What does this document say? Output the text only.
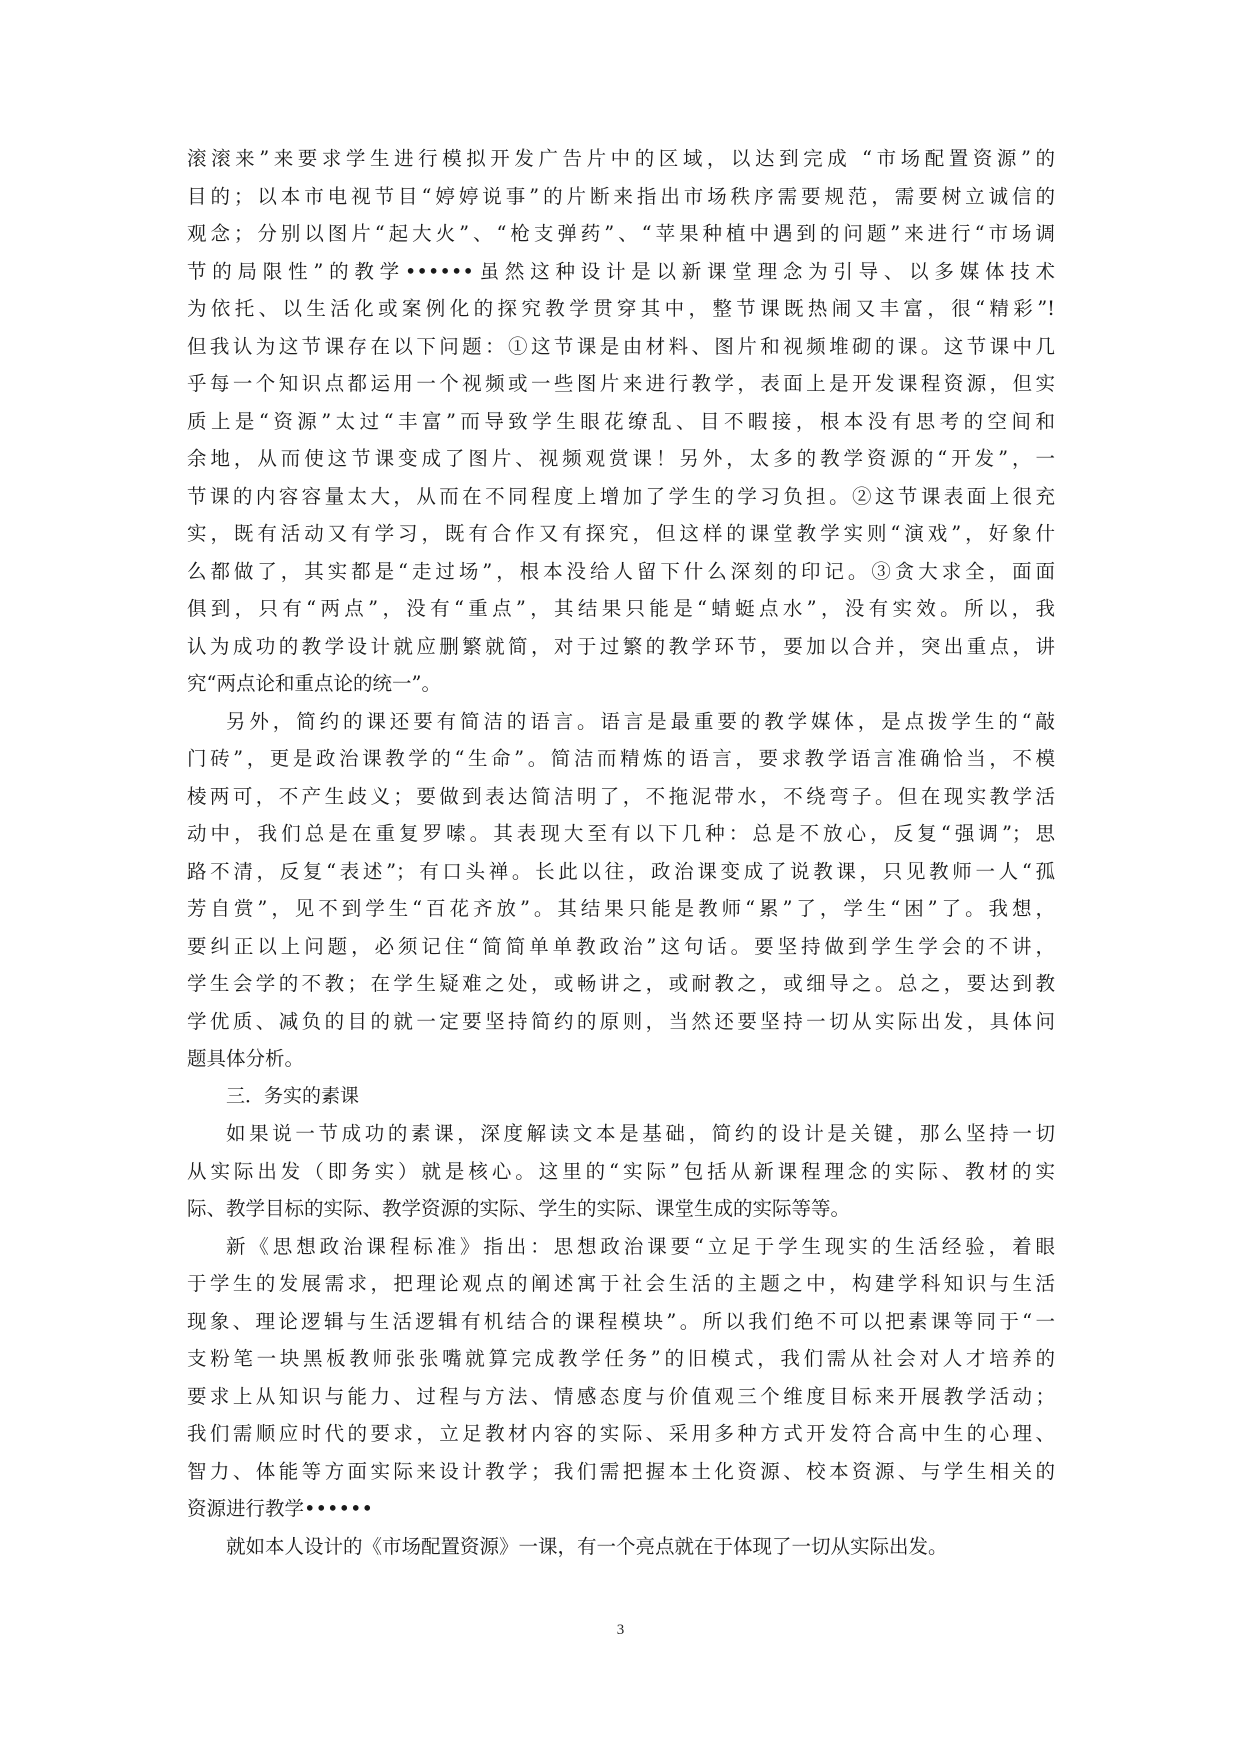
滚滚来”来要求学生进行模拟开发广告片中的区域，以达到完成 “市场配置资源”的
目的；以本市电视节目“婷婷说事”的片断来指出市场秩序需要规范，需要树立诚信的
观念；分别以图片“起大火”、“枪支弹药”、“苹果种植中遇到的问题”来进行“市场调
节的局限性”的教学••••••虽然这种设计是以新课堂理念为引导、以多媒体技术
为依托、以生活化或案例化的探究教学贯穿其中，整节课既热闹又丰富，很“精彩”!
但我认为这节课存在以下问题：①这节课是由材料、图片和视频堆砌的课。这节课中几
乎每一个知识点都运用一个视频或一些图片来进行教学，表面上是开发课程资源，但实
质上是“资源”太过“丰富”而导致学生眼花缭乱、目不暇接，根本没有思考的空间和
余地，从而使这节课变成了图片、视频观赏课！另外，太多的教学资源的“开发”，一
节课的内容容量太大，从而在不同程度上增加了学生的学习负担。②这节课表面上很充
实，既有活动又有学习，既有合作又有探究，但这样的课堂教学实则“演戏”，好象什
么都做了，其实都是“走过场”，根本没给人留下什么深刻的印记。③贪大求全，面面
俱到，只有“两点”，没有“重点”，其结果只能是“蜻蜓点水”，没有实效。所以，我
认为成功的教学设计就应删繁就简，对于过繁的教学环节，要加以合并，突出重点，讲
究“两点论和重点论的统一”。
另外，简约的课还要有简洁的语言。语言是最重要的教学媒体，是点拨学生的“敲
门砖”，更是政治课教学的“生命”。简洁而精炼的语言，要求教学语言准确恰当，不模
棱两可，不产生歧义；要做到表达简洁明了，不拖泥带水，不绕弯子。但在现实教学活
动中，我们总是在重复罗嗦。其表现大至有以下几种：总是不放心，反复“强调”；思
路不清，反复“表述”；有口头禅。长此以往，政治课变成了说教课，只见教师一人“孤
芳自赏”，见不到学生“百花齐放”。其结果只能是教师“累”了，学生“困”了。我想，
要纠正以上问题，必须记住“简简单单教政治”这句话。要坚持做到学生学会的不讲，
学生会学的不教；在学生疑难之处，或畅讲之，或耐教之，或细导之。总之，要达到教
学优质、减负的目的就一定要坚持简约的原则，当然还要坚持一切从实际出发，具体问
题具体分析。
三．务实的素课
如果说一节成功的素课，深度解读文本是基础，简约的设计是关键，那么坚持一切
从实际出发（即务实）就是核心。这里的“实际”包括从新课程理念的实际、教材的实
际、教学目标的实际、教学资源的实际、学生的实际、课堂生成的实际等等。
新《思想政治课程标准》指出：思想政治课要“立足于学生现实的生活经验，着眼
于学生的发展需求，把理论观点的阐述寓于社会生活的主题之中，构建学科知识与生活
现象、理论逻辑与生活逻辑有机结合的课程模块”。所以我们绝不可以把素课等同于“一
支粉笔一块黑板教师张张嘴就算完成教学任务”的旧模式，我们需从社会对人才培养的
要求上从知识与能力、过程与方法、情感态度与价值观三个维度目标来开展教学活动；
我们需顺应时代的要求，立足教材内容的实际、采用多种方式开发符合高中生的心理、
智力、体能等方面实际来设计教学；我们需把握本土化资源、校本资源、与学生相关的
资源进行教学••••••
就如本人设计的《市场配置资源》一课，有一个亮点就在于体现了一切从实际出发。
3
